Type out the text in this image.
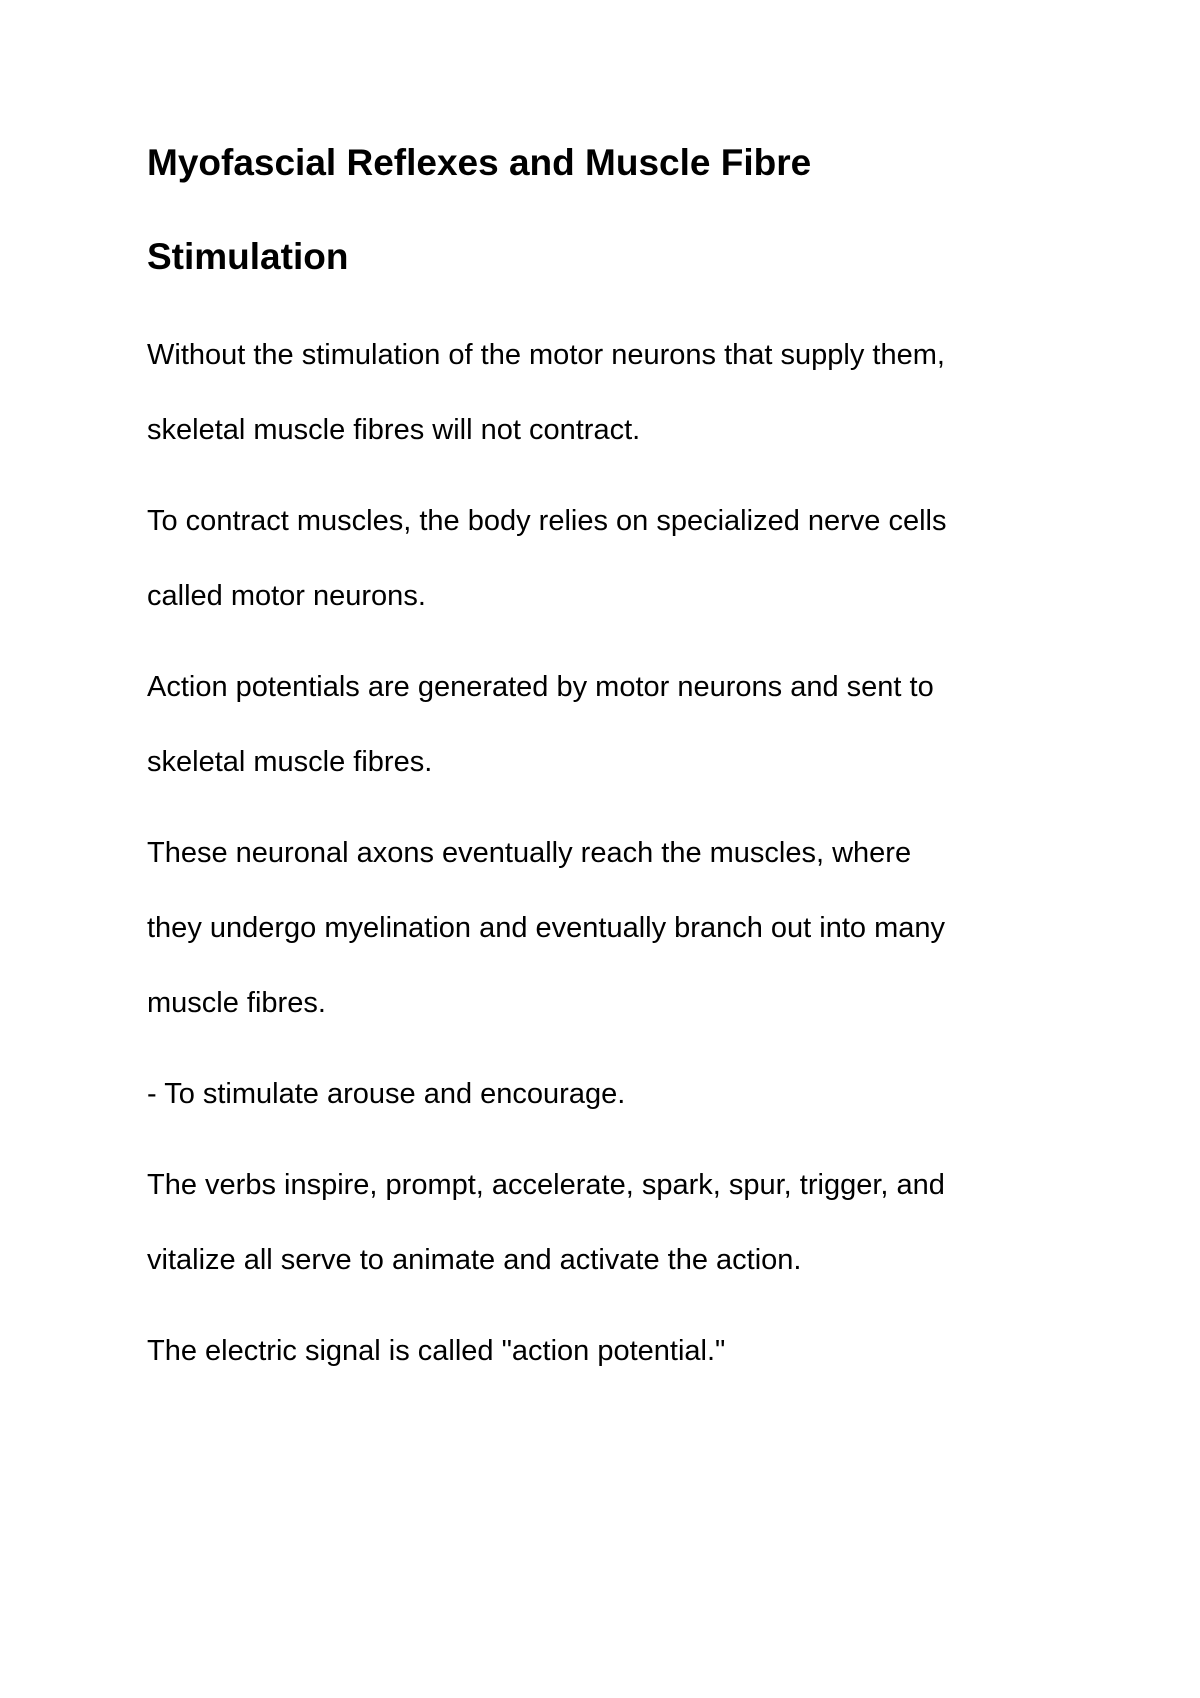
Myofascial Reflexes and Muscle Fibre
Stimulation
Without the stimulation of the motor neurons that supply them,
skeletal muscle fibres will not contract.
To contract muscles, the body relies on specialized nerve cells
called motor neurons.
Action potentials are generated by motor neurons and sent to
skeletal muscle fibres.
These neuronal axons eventually reach the muscles, where
they undergo myelination and eventually branch out into many
muscle fibres.
- To stimulate arouse and encourage.
The verbs inspire, prompt, accelerate, spark, spur, trigger, and
vitalize all serve to animate and activate the action.
The electric signal is called "action potential."
